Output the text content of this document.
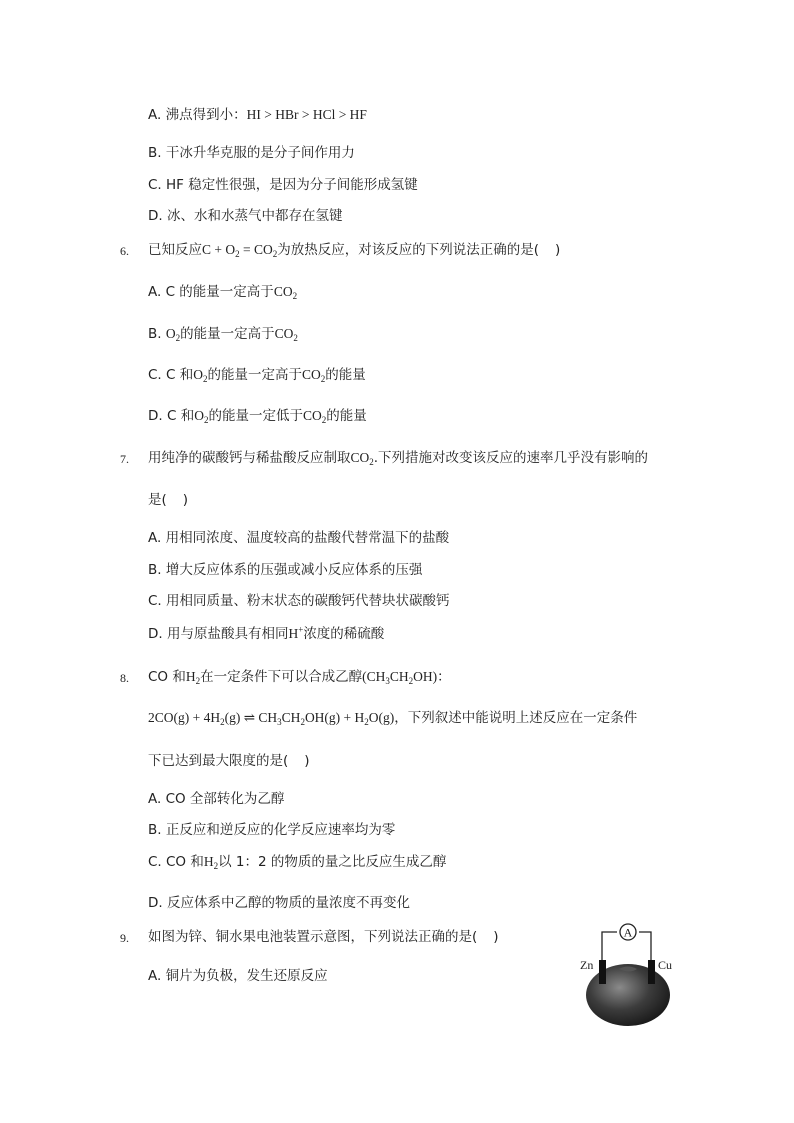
A. 沸点得到小：HI > HBr > HCl > HF
B. 干冰升华克服的是分子间作用力
C. HF 稳定性很强，是因为分子间能形成氢键
D. 冰、水和水蒸气中都存在氢键
6. 已知反应$C + O_2 = CO_2$为放热反应，对该反应的下列说法正确的是( )
A. C 的能量一定高于$CO_2$
B. $O_2$的能量一定高于$CO_2$
C. C 和$O_2$的能量一定高于$CO_2$的能量
D. C 和$O_2$的能量一定低于$CO_2$的能量
7. 用纯净的碳酸钙与稀盐酸反应制取$CO_2$.下列措施对改变该反应的速率几乎没有影响的
是( )
A. 用相同浓度、温度较高的盐酸代替常温下的盐酸
B. 增大反应体系的压强或减小反应体系的压强
C. 用相同质量、粉末状态的碳酸钙代替块状碳酸钙
D. 用与原盐酸具有相同H+浓度的稀硫酸
8. CO 和$H_2$在一定条件下可以合成乙醇$(CH_3CH_2OH)$：
$2CO(g) + 4H_2(g)$ ⇌ $CH_3CH_2OH(g) + H_2O(g)$，下列叙述中能说明上述反应在一定条件
下已达到最大限度的是( )
A. CO 全部转化为乙醇
B. 正反应和逆反应的化学反应速率均为零
C. CO 和$H_2$以 1：2 的物质的量之比反应生成乙醇
D. 反应体系中乙醇的物质的量浓度不再变化
9. 如图为锌、铜水果电池装置示意图，下列说法正确的是( )
A. 铜片为负极，发生还原反应
A
Zn	Cu
